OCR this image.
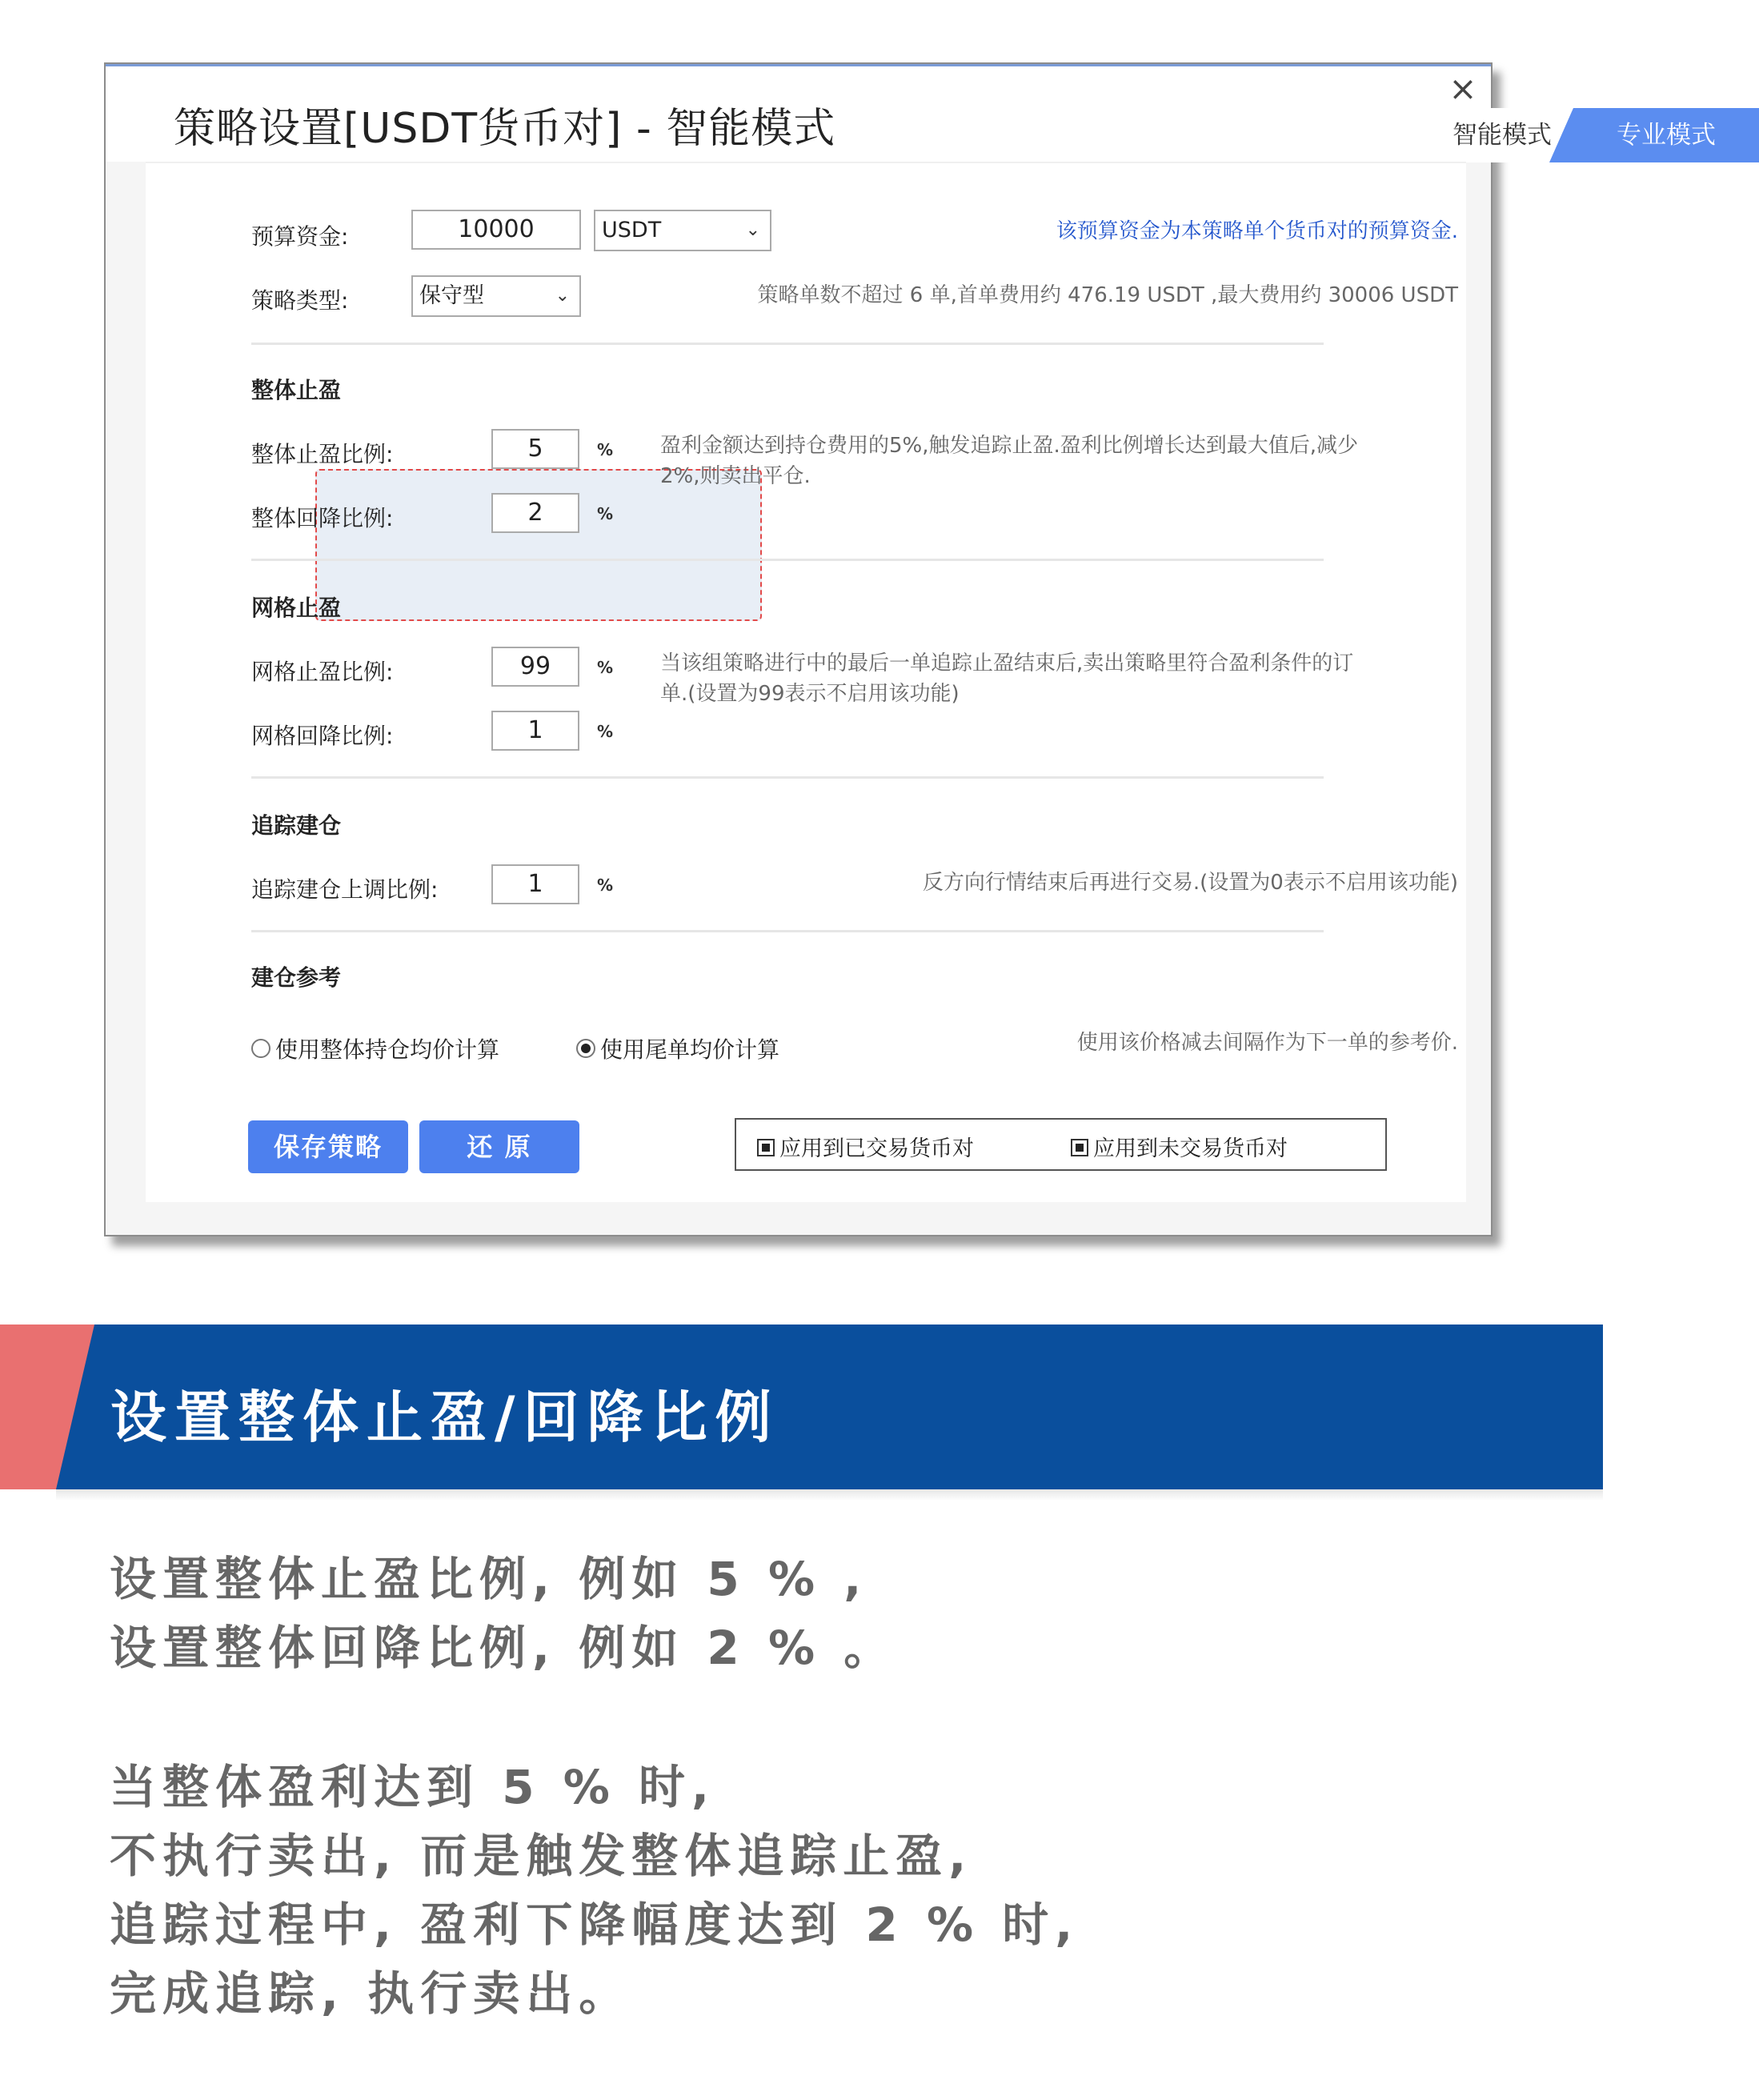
×
策略设置[USDT货币对] - 智能模式	智能模式	专业模式
预算资金:	10000	USDT	⌄	该预算资金为本策略单个货币对的预算资金.
策略类型:	保守型	⌄	策略单数不超过 6 单,首单费用约 476.19 USDT ,最大费用约 30006 USDT
整体止盈
整体止盈比例:	5	%
整体回降比例:	2	%
盈利金额达到持仓费用的5%,触发追踪止盈.盈利比例增长达到最大值后,减少
2%,则卖出平仓.
网格止盈
网格止盈比例:	99	%
网格回降比例:	1	%
当该组策略进行中的最后一单追踪止盈结束后,卖出策略里符合盈利条件的订
单.(设置为99表示不启用该功能)
追踪建仓
追踪建仓上调比例:	1	%	反方向行情结束后再进行交易.(设置为0表示不启用该功能)
建仓参考
使用整体持仓均价计算	使用尾单均价计算	使用该价格减去间隔作为下一单的参考价.
保存策略	还 原	应用到已交易货币对	应用到未交易货币对
设置整体止盈/回降比例
设置整体止盈比例, 例如 5 % ,
设置整体回降比例, 例如 2 % 。
当整体盈利达到 5 % 时,
不执行卖出, 而是触发整体追踪止盈,
追踪过程中, 盈利下降幅度达到 2 % 时,
完成追踪, 执行卖出。
